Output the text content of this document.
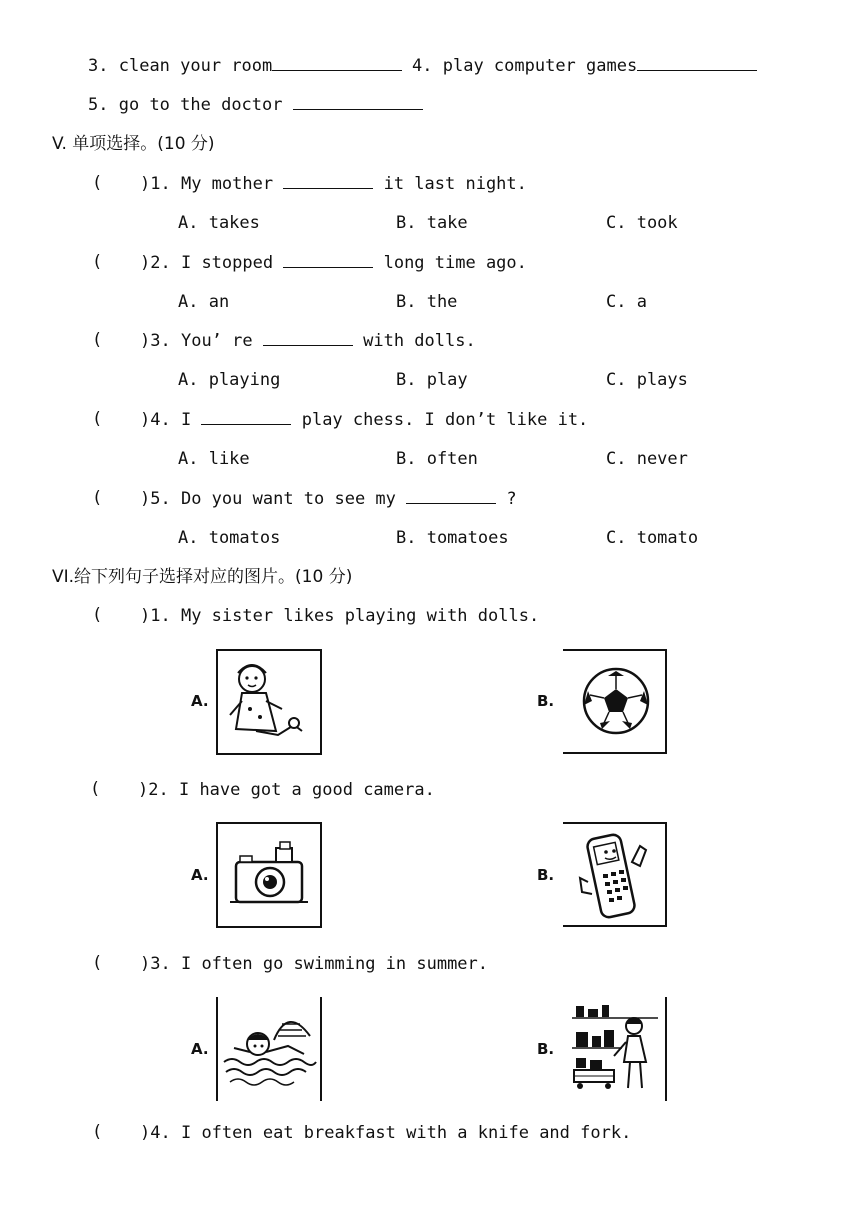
3. clean your room	4. play computer games
5. go to the doctor
V. 单项选择。(10 分)
( )1. My mother	it last night.
A. takes	B. take	C. took
( )2. I stopped	long time ago.
A. an	B. the	C. a
( )3. You’ re	with dolls.
A. playing	B. play	C. plays
( )4. I	play chess. I don’t like it.
A. like	B. often	C. never
( )5. Do you want to see my	?
A. tomatos	B. tomatoes	C. tomato
VI.给下列句子选择对应的图片。(10 分)
( )1. My sister likes playing with dolls.
A.	B.
( )2. I have got a good camera.
A.	B.
( )3. I often go swimming in summer.
A.	B.
( )4. I often eat breakfast with a knife and fork.
